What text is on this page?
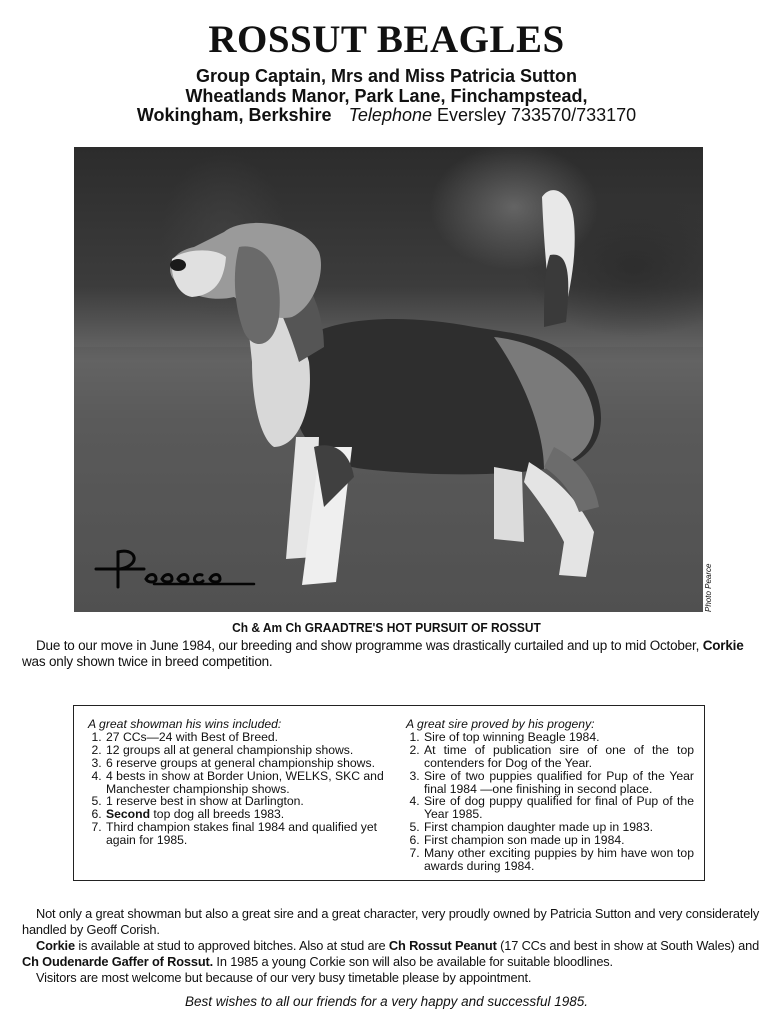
ROSSUT BEAGLES
Group Captain, Mrs and Miss Patricia Sutton
Wheatlands Manor, Park Lane, Finchampstead,
Wokingham, Berkshire Telephone Eversley 733570/733170
Photo Pearce
Ch & Am Ch GRAADTRE'S HOT PURSUIT OF ROSSUT
Due to our move in June 1984, our breeding and show programme was drastically curtailed and up to mid October, Corkie was only shown twice in breed competition.
A great showman his wins included:
1. 27 CCs—24 with Best of Breed.
2. 12 groups all at general championship shows.
3. 6 reserve groups at general championship shows.
4. 4 bests in show at Border Union, WELKS, SKC and Manchester championship shows.
5. 1 reserve best in show at Darlington.
6. Second top dog all breeds 1983.
7. Third champion stakes final 1984 and qualified yet again for 1985.
A great sire proved by his progeny:
1. Sire of top winning Beagle 1984.
2. At time of publication sire of one of the top contenders for Dog of the Year.
3. Sire of two puppies qualified for Pup of the Year final 1984 —one finishing in second place.
4. Sire of dog puppy qualified for final of Pup of the Year 1985.
5. First champion daughter made up in 1983.
6. First champion son made up in 1984.
7. Many other exciting puppies by him have won top awards during 1984.
Not only a great showman but also a great sire and a great character, very proudly owned by Patricia Sutton and very considerately handled by Geoff Corish.
Corkie is available at stud to approved bitches. Also at stud are Ch Rossut Peanut (17 CCs and best in show at South Wales) and Ch Oudenarde Gaffer of Rossut. In 1985 a young Corkie son will also be available for suitable bloodlines.
Visitors are most welcome but because of our very busy timetable please by appointment.
Best wishes to all our friends for a very happy and successful 1985.
